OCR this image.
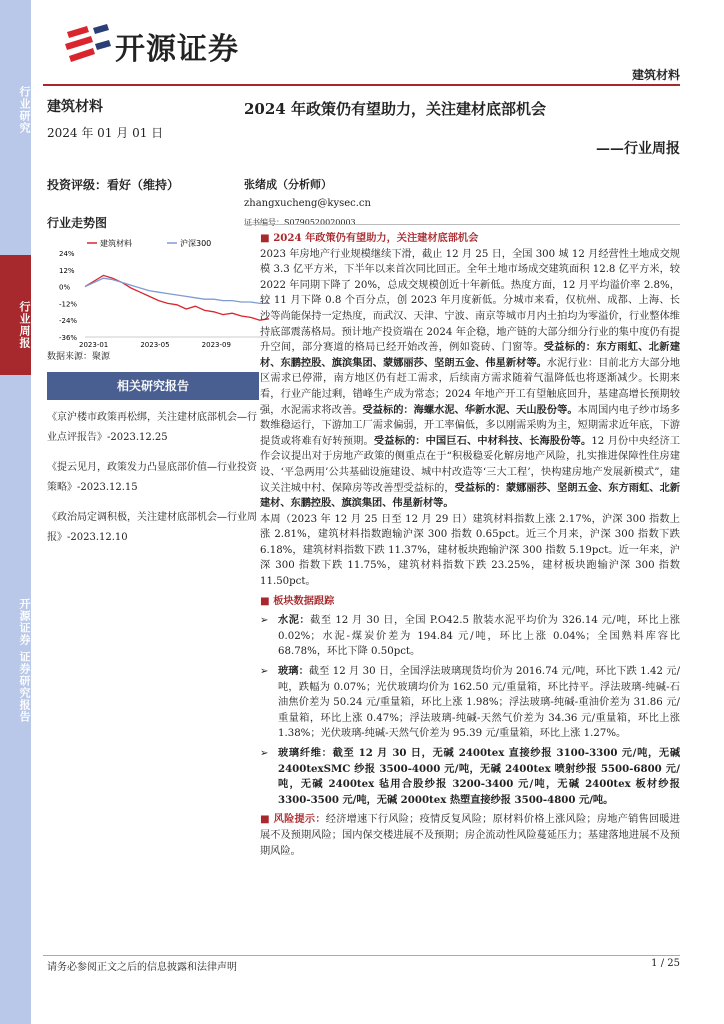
行业研究
行业周报
开源证券 证券研究报告
开源证券
建筑材料
建筑材料
2024 年 01 月 01 日
投资评级：看好（维持）
行业走势图
建筑材料	沪深300
24%
12%
0%
-12%
-24%
-36%
2023-01	2023-05	2023-09
数据来源：聚源
相关研究报告
《京沪楼市政策再松绑，关注建材底部机会—行业点评报告》-2023.12.25
《提云见月，政策发力凸显底部价值—行业投资策略》-2023.12.15
《政治局定调积极，关注建材底部机会—行业周报》-2023.12.10
2024 年政策仍有望助力，关注建材底部机会
——行业周报
张绪成（分析师）
zhangxucheng@kysec.cn
证书编号：S0790520020003
■ 2024 年政策仍有望助力，关注建材底部机会
2023 年房地产行业规模继续下滑，截止 12 月 25 日，全国 300 城 12 月经营性土地成交规模 3.3 亿平方米，下半年以来首次同比回正。全年土地市场成交建筑面积 12.8 亿平方米，较 2022 年同期下降了 20%，总成交规模创近十年新低。热度方面，12 月平均溢价率 2.8%，较 11 月下降 0.8 个百分点，创 2023 年月度新低。分城市来看，仅杭州、成都、上海、长沙等尚能保持一定热度，而武汉、天津、宁波、南京等城市月内土拍均为零溢价，行业整体维持底部震荡格局。预计地产投资端在 2024 年企稳，地产链的大部分细分行业的集中度仍有提升空间，部分赛道的格局已经开始改善，例如瓷砖、门窗等。受益标的：东方雨虹、北新建材、东鹏控股、旗滨集团、蒙娜丽莎、坚朗五金、伟星新材等。水泥行业：目前北方大部分地区需求已停滞，南方地区仍有赶工需求，后续南方需求随着气温降低也将逐渐减少。长期来看，行业产能过剩，错峰生产成为常态；2024 年地产开工有望触底回升，基建高增长预期较强，水泥需求将改善。受益标的：海螺水泥、华新水泥、天山股份等。本周国内电子纱市场多数维稳运行，下游加工厂需求偏弱，开工率偏低，多以刚需采购为主，短期需求近年底，下游提货或将难有好转预期。受益标的：中国巨石、中材科技、长海股份等。12 月份中央经济工作会议提出对于房地产政策的侧重点在于“积极稳妥化解房地产风险，扎实推进保障性住房建设、‘平急两用’公共基础设施建设、城中村改造等‘三大工程’，快构建房地产发展新模式”，建议关注城中村、保障房等改善型受益标的，受益标的：蒙娜丽莎、坚朗五金、东方雨虹、北新建材、东鹏控股、旗滨集团、伟星新材等。
本周（2023 年 12 月 25 日至 12 月 29 日）建筑材料指数上涨 2.17%，沪深 300 指数上涨 2.81%，建筑材料指数跑输沪深 300 指数 0.65pct。近三个月来，沪深 300 指数下跌 6.18%，建筑材料指数下跌 11.37%，建材板块跑输沪深 300 指数 5.19pct。近一年来，沪深 300 指数下跌 11.75%，建筑材料指数下跌 23.25%，建材板块跑输沪深 300 指数 11.50pct。
■ 板块数据跟踪
➢ 水泥：截至 12 月 30 日，全国 P.O42.5 散装水泥平均价为 326.14 元/吨，环比上涨 0.02%；水泥-煤炭价差为 194.84 元/吨，环比上涨 0.04%；全国熟料库容比 68.78%，环比下降 0.50pct。
➢ 玻璃：截至 12 月 30 日，全国浮法玻璃现货均价为 2016.74 元/吨，环比下跌 1.42 元/吨，跌幅为 0.07%；光伏玻璃均价为 162.50 元/重量箱，环比持平。浮法玻璃-纯碱-石油焦价差为 50.24 元/重量箱，环比上涨 1.98%；浮法玻璃-纯碱-重油价差为 31.86 元/重量箱，环比上涨 0.47%；浮法玻璃-纯碱-天然气价差为 34.36 元/重量箱，环比上涨 1.38%；光伏玻璃-纯碱-天然气价差为 95.39 元/重量箱，环比上涨 1.27%。
➢ 玻璃纤维：截至 12 月 30 日，无碱 2400tex 直接纱报 3100-3300 元/吨，无碱 2400texSMC 纱报 3500-4000 元/吨，无碱 2400tex 喷射纱报 5500-6800 元/吨，无碱 2400tex 毡用合股纱报 3200-3400 元/吨，无碱 2400tex 板材纱报 3300-3500 元/吨，无碱 2000tex 热塑直接纱报 3500-4800 元/吨。
■ 风险提示：经济增速下行风险；疫情反复风险；原材料价格上涨风险；房地产销售回暖进展不及预期风险；国内保交楼进展不及预期；房企流动性风险蔓延压力；基建落地进展不及预期风险。
请务必参阅正文之后的信息披露和法律声明	1 / 25
